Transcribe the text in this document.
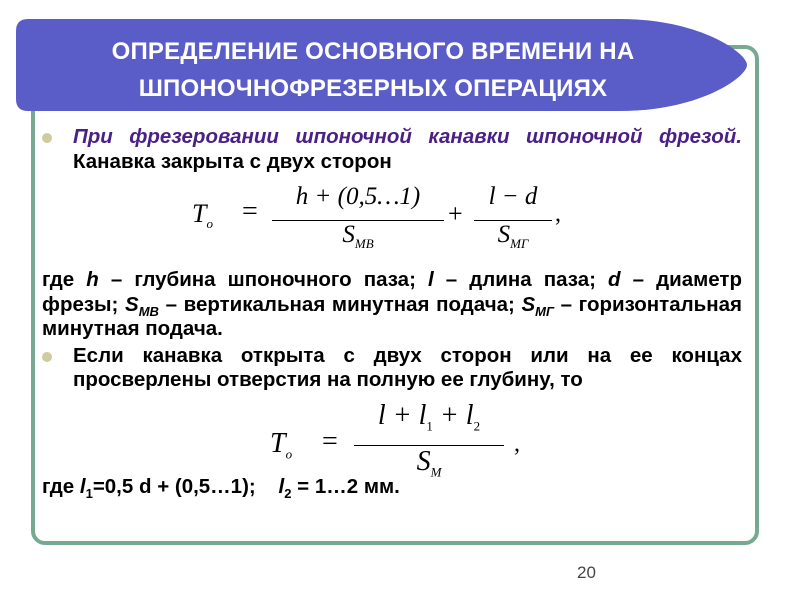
ОПРЕДЕЛЕНИЕ ОСНОВНОГО ВРЕМЕНИ НА
ШПОНОЧНОФРЕЗЕРНЫХ ОПЕРАЦИЯХ
При фрезеровании шпоночной канавки шпоночной фрезой. Канавка закрыта с двух сторон
$T_o$ =	h + (0,5…1)
$S_{MB}$
+
l − d
$S_{MГ}$
,
где h – глубина шпоночного паза; l – длина паза; d – диаметр фрезы; $S_{MB}$ – вертикальная минутная подача; $S_{МГ}$ – горизонтальная минутная подача.
Если канавка открыта с двух сторон или на ее концах просверлены отверстия на полную ее глубину, то
$T_o$ =
$l + l_1 + l_2$
$S_M$
,
где $l_1=0,5$ d + (0,5…1);    $l_2$ = 1…2 мм.
20
